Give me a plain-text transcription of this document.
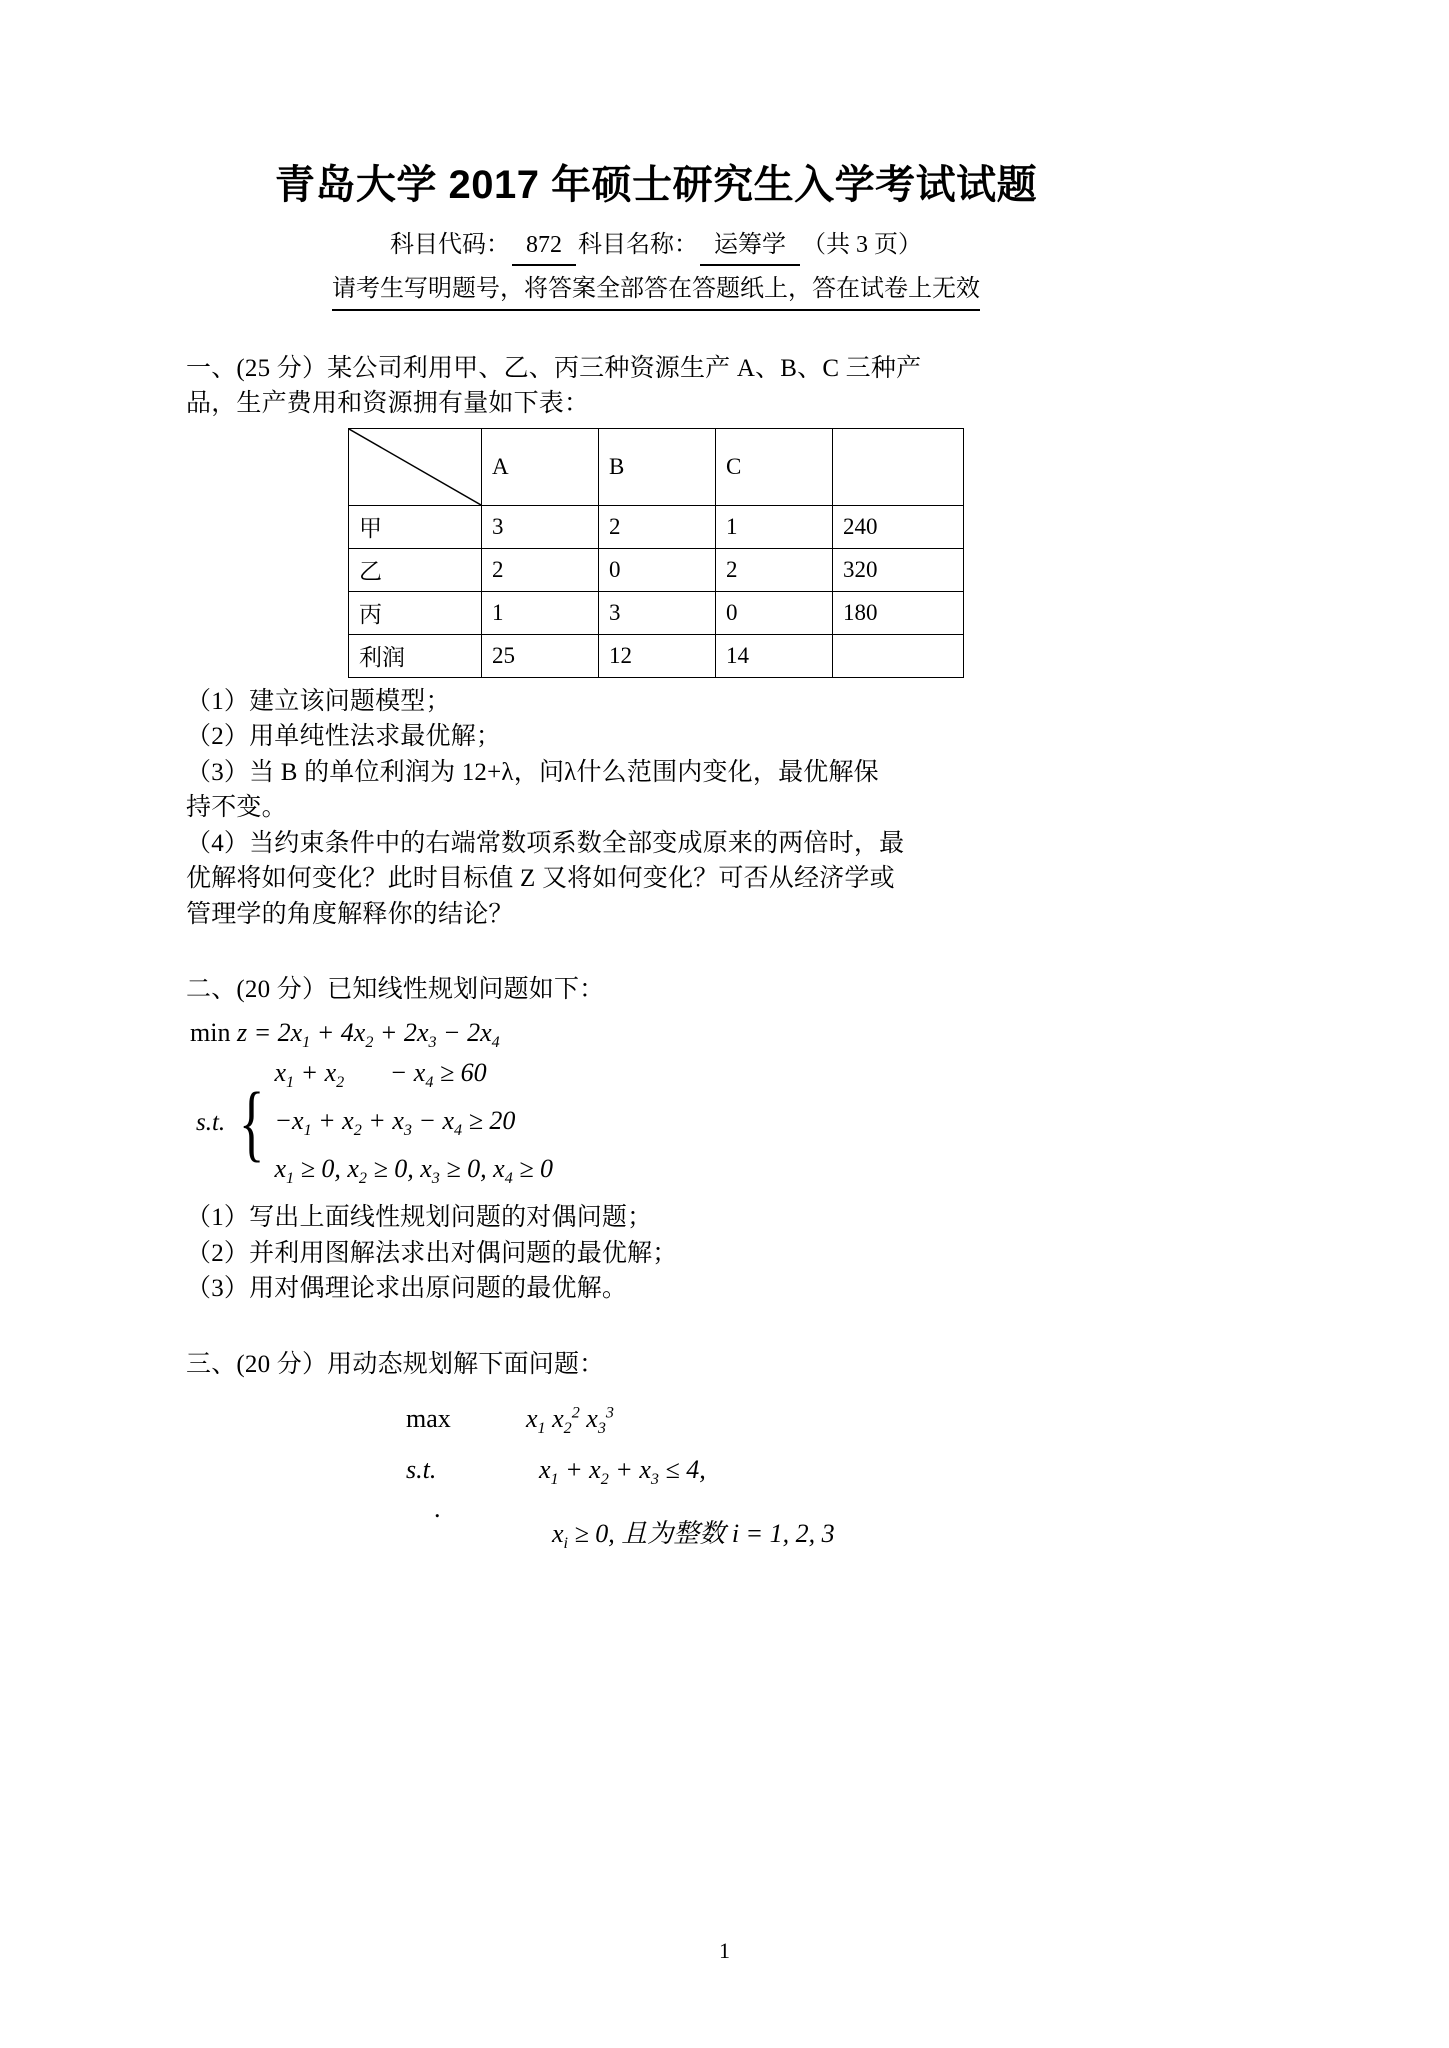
青岛大学 2017 年硕士研究生入学考试试题
科目代码： 872 科目名称： 运筹学 （共 3 页）
请考生写明题号，将答案全部答在答题纸上，答在试卷上无效

一、(25 分）某公司利用甲、乙、丙三种资源生产 A、B、C 三种产

品，生产费用和资源拥有量如下表：

	A	B	C	
甲	3	2	1	240
乙	2	0	2	320
丙	1	3	0	180
利润	25	12	14	

（1）建立该问题模型；

（2）用单纯性法求最优解；

（3）当 B 的单位利润为 12+λ，问λ什么范围内变化，最优解保

持不变。

（4）当约束条件中的右端常数项系数全部变成原来的两倍时，最

优解将如何变化？此时目标值 Z 又将如何变化？可否从经济学或

管理学的角度解释你的结论？

二、(20 分）已知线性规划问题如下：

$\min z = 2x_1 + 4x_2 + 2x_3 - 2x_4$
s.t. {
$x_1 + x_2$       − $x_4 \ge 60$
$-x_1 + x_2 + x_3 - x_4 \ge 20$
$x_1 \ge 0$, $x_2 \ge 0$, $x_3 \ge 0$, $x_4 \ge 0$

（1）写出上面线性规划问题的对偶问题；

（2）并利用图解法求出对偶问题的最优解；

（3）用对偶理论求出原问题的最优解。

三、(20 分）用动态规划解下面问题：

max	$x_1$ $x_2^2$ $x_3^3$
s.t.	$x_1 + x_2 + x_3 \le 4$,
.
$x_i \ge 0$, 且为整数 i = 1, 2, 3
1
